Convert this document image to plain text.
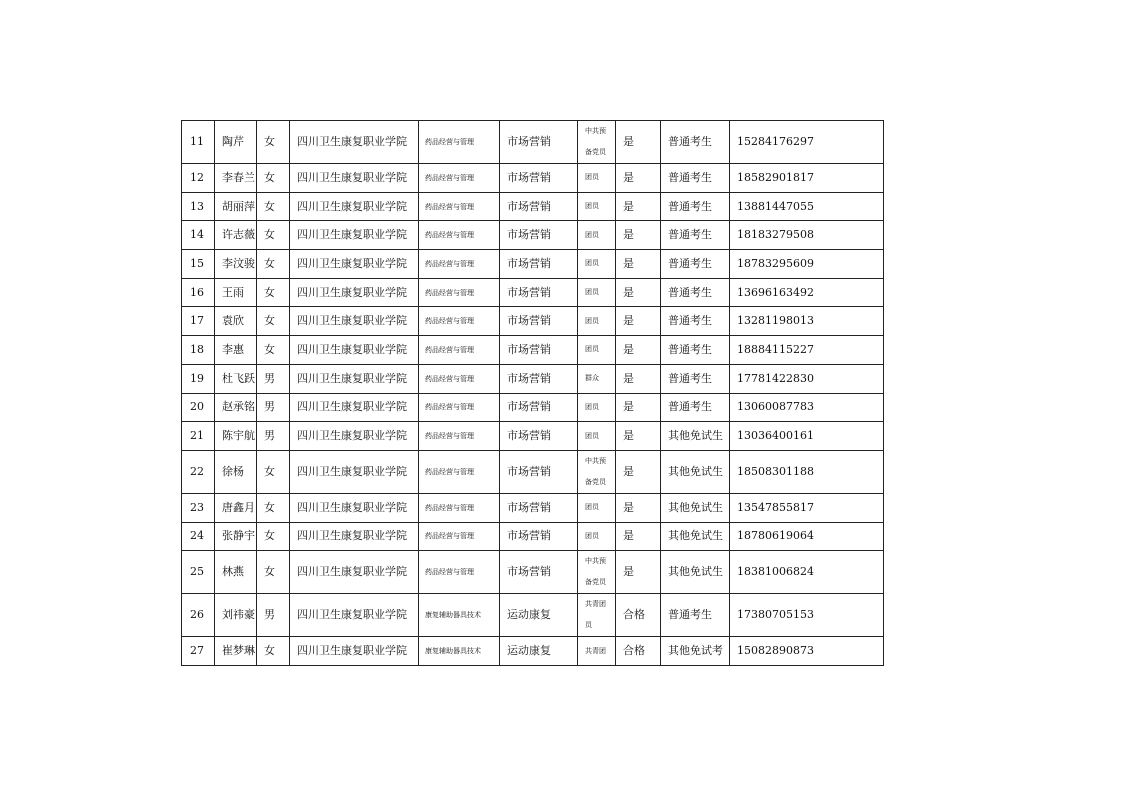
11	陶芹	女	四川卫生康复职业学院	药品经营与管理	市场营销	中共预
备党员	是	普通考生	15284176297
12	李春兰	女	四川卫生康复职业学院	药品经营与管理	市场营销	团员	是	普通考生	18582901817
13	胡丽萍	女	四川卫生康复职业学院	药品经营与管理	市场营销	团员	是	普通考生	13881447055
14	许志薇	女	四川卫生康复职业学院	药品经营与管理	市场营销	团员	是	普通考生	18183279508
15	李汶骏	女	四川卫生康复职业学院	药品经营与管理	市场营销	团员	是	普通考生	18783295609
16	王雨	女	四川卫生康复职业学院	药品经营与管理	市场营销	团员	是	普通考生	13696163492
17	袁欣	女	四川卫生康复职业学院	药品经营与管理	市场营销	团员	是	普通考生	13281198013
18	李惠	女	四川卫生康复职业学院	药品经营与管理	市场营销	团员	是	普通考生	18884115227
19	杜飞跃	男	四川卫生康复职业学院	药品经营与管理	市场营销	群众	是	普通考生	17781422830
20	赵承铭	男	四川卫生康复职业学院	药品经营与管理	市场营销	团员	是	普通考生	13060087783
21	陈宇航	男	四川卫生康复职业学院	药品经营与管理	市场营销	团员	是	其他免试生	13036400161
22	徐杨	女	四川卫生康复职业学院	药品经营与管理	市场营销	中共预
备党员	是	其他免试生	18508301188
23	唐鑫月	女	四川卫生康复职业学院	药品经营与管理	市场营销	团员	是	其他免试生	13547855817
24	张静宇	女	四川卫生康复职业学院	药品经营与管理	市场营销	团员	是	其他免试生	18780619064
25	林燕	女	四川卫生康复职业学院	药品经营与管理	市场营销	中共预
备党员	是	其他免试生	18381006824
26	刘祎豪	男	四川卫生康复职业学院	康复辅助器具技术	运动康复	共青团
员	合格	普通考生	17380705153
27	崔梦琳	女	四川卫生康复职业学院	康复辅助器具技术	运动康复	共青团	合格	其他免试考	15082890873
